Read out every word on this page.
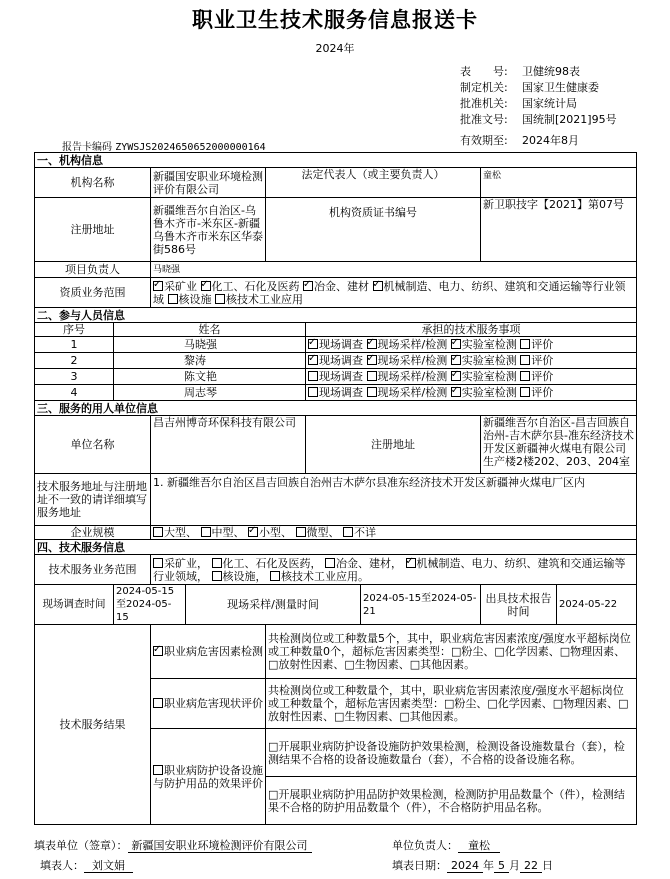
职业卫生技术服务信息报送卡
2024年
表　　号: 卫健统98表
制定机关: 国家卫生健康委
批准机关: 国家统计局
批准文号: 国统制[2021]95号
报告卡编码 ZYWSJS2024650652000000164
有效期至: 2024年8月
一、机构信息								
机构名称		新疆国安职业环境检测评价有限公司		法定代表人（或主要负责人）			童松	
注册地址		新疆维吾尔自治区-乌鲁木齐市-米东区-新疆乌鲁木齐市米东区华泰街586号		机构资质证书编号			新卫职技字【2021】第07号	
项目负责人		马晓强						
资质业务范围	✓采矿业 ✓ 化工、石化及医药 ✓ 冶金、建材 ✓ 机械制造、电力、纺织、建筑和交通运输等行业领域 核设施 核技术工业应用
二、参与人员信息								
序号	姓名				承担的技术服务事项			
1	马晓强	✓现场调查 ✓ 现场采样/检测 ✓ 实验室检测 评价
2	黎涛	✓现场调查 ✓ 现场采样/检测 ✓ 实验室检测 评价
3	陈文艳				现场调查 现场采样/检测 ✓ 实验室检测 评价
4	周志琴				现场调查 现场采样/检测 ✓ 实验室检测 评价
三、服务的用人单位信息								
单位名称		昌吉州博奇环保科技有限公司			注册地址		新疆维吾尔自治区-昌吉回族自治州-吉木萨尔县-准东经济技术开发区新疆神火煤电有限公司生产楼2楼202、203、204室	
技术服务地址与注册地址不一致的请详细填写服务地址		1. 新疆维吾尔自治区昌吉回族自治州吉木萨尔县准东经济技术开发区新疆神火煤电厂区内						
企业规模		大型、 中型、 ✓小型、 微型、 不详
四、技术服务信息								
技术服务业务范围		采矿业， 化工、石化及医药， 冶金、建材， ✓机械制造、电力、纺织、建筑和交通运输等行业领域， 核设施， 核技术工业应用。
现场调查时间	2024-05-15至2024-05-15		现场采样/测量时间			2024-05-15至2024-05-21	出具技术报告时间	2024-05-22
技术服务结果	✓职业病危害因素检测		共检测岗位或工种数量5个，其中，职业病危害因素浓度/强度水平超标岗位或工种数量0个，超标危害因素类型：□粉尘、□化学因素、□物理因素、□放射性因素、□生物因素、□其他因素。				
		职业病危害现状评价		共检测岗位或工种数量个，其中，职业病危害因素浓度/强度水平超标岗位或工种数量个，超标危害因素类型：□粉尘、□化学因素、□物理因素、□放射性因素、□生物因素、□其他因素。				
		职业病防护设备设施与防护用品的效果评价		□开展职业病防护设备设施防护效果检测，检测设备设施数量台（套），检测结果不合格的设备设施数量台（套），不合格的设备设施名称。				
				□开展职业病防护用品防护效果检测，检测防护用品数量个（件），检测结果不合格的防护用品数量个（件），不合格防护用品名称。				
填表单位（签章）： 新疆国安职业环境检测评价有限公司	单位负责人： 童松
填表人： 刘文娟	填表日期： 2024 年 5 月 22 日
